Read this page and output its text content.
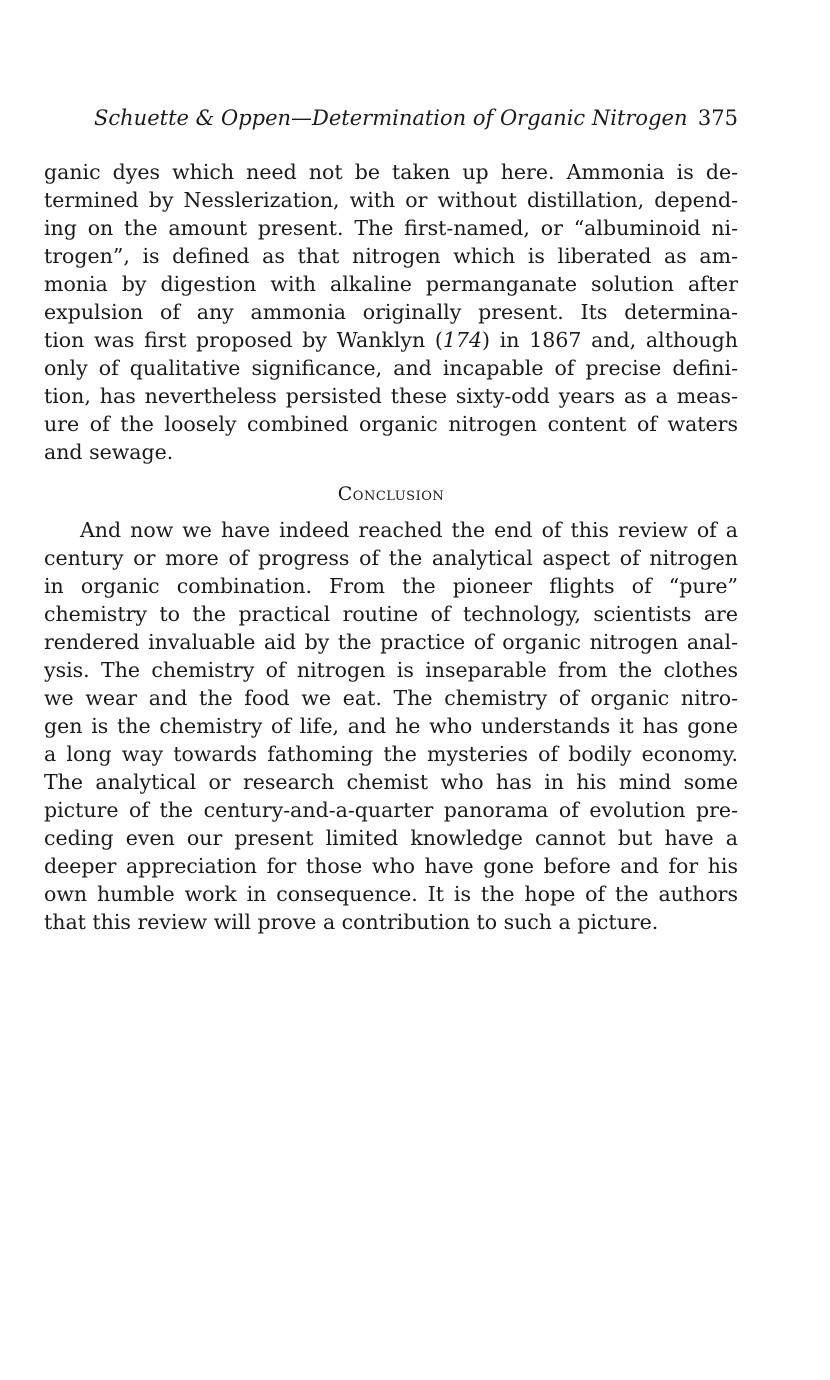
Schuette & Oppen—Determination of Organic Nitrogen 375
ganic dyes which need not be taken up here. Ammonia is de-
termined by Nesslerization, with or without distillation, depend-
ing on the amount present. The first-named, or “albuminoid ni-
trogen”, is defined as that nitrogen which is liberated as am-
monia by digestion with alkaline permanganate solution after
expulsion of any ammonia originally present. Its determina-
tion was first proposed by Wanklyn (174) in 1867 and, although
only of qualitative significance, and incapable of precise defini-
tion, has nevertheless persisted these sixty-odd years as a meas-
ure of the loosely combined organic nitrogen content of waters
and sewage.
Conclusion
And now we have indeed reached the end of this review of a
century or more of progress of the analytical aspect of nitrogen
in organic combination. From the pioneer flights of “pure”
chemistry to the practical routine of technology, scientists are
rendered invaluable aid by the practice of organic nitrogen anal-
ysis. The chemistry of nitrogen is inseparable from the clothes
we wear and the food we eat. The chemistry of organic nitro-
gen is the chemistry of life, and he who understands it has gone
a long way towards fathoming the mysteries of bodily economy.
The analytical or research chemist who has in his mind some
picture of the century-and-a-quarter panorama of evolution pre-
ceding even our present limited knowledge cannot but have a
deeper appreciation for those who have gone before and for his
own humble work in consequence. It is the hope of the authors
that this review will prove a contribution to such a picture.
